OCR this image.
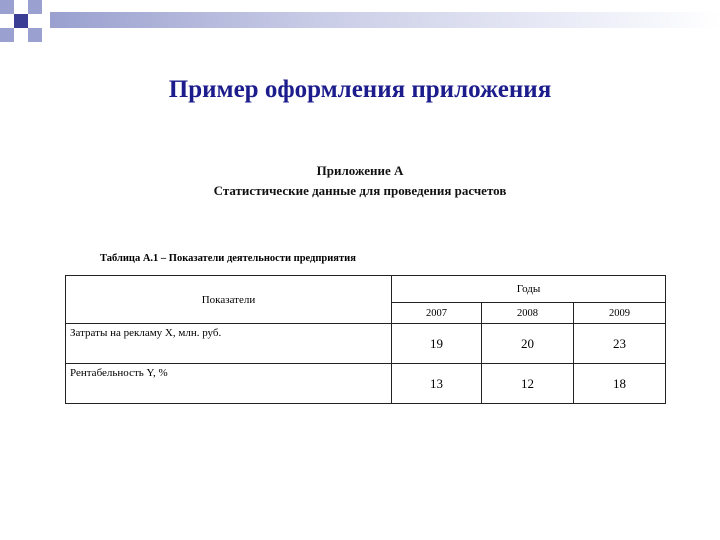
Пример оформления приложения
Приложение А
Статистические данные для проведения расчетов
Таблица А.1 – Показатели деятельности предприятия
Показатели	Годы		
	2007	2008	2009
Затраты на рекламу X, млн. руб.	19	20	23
Рентабельность Y, %	13	12	18
